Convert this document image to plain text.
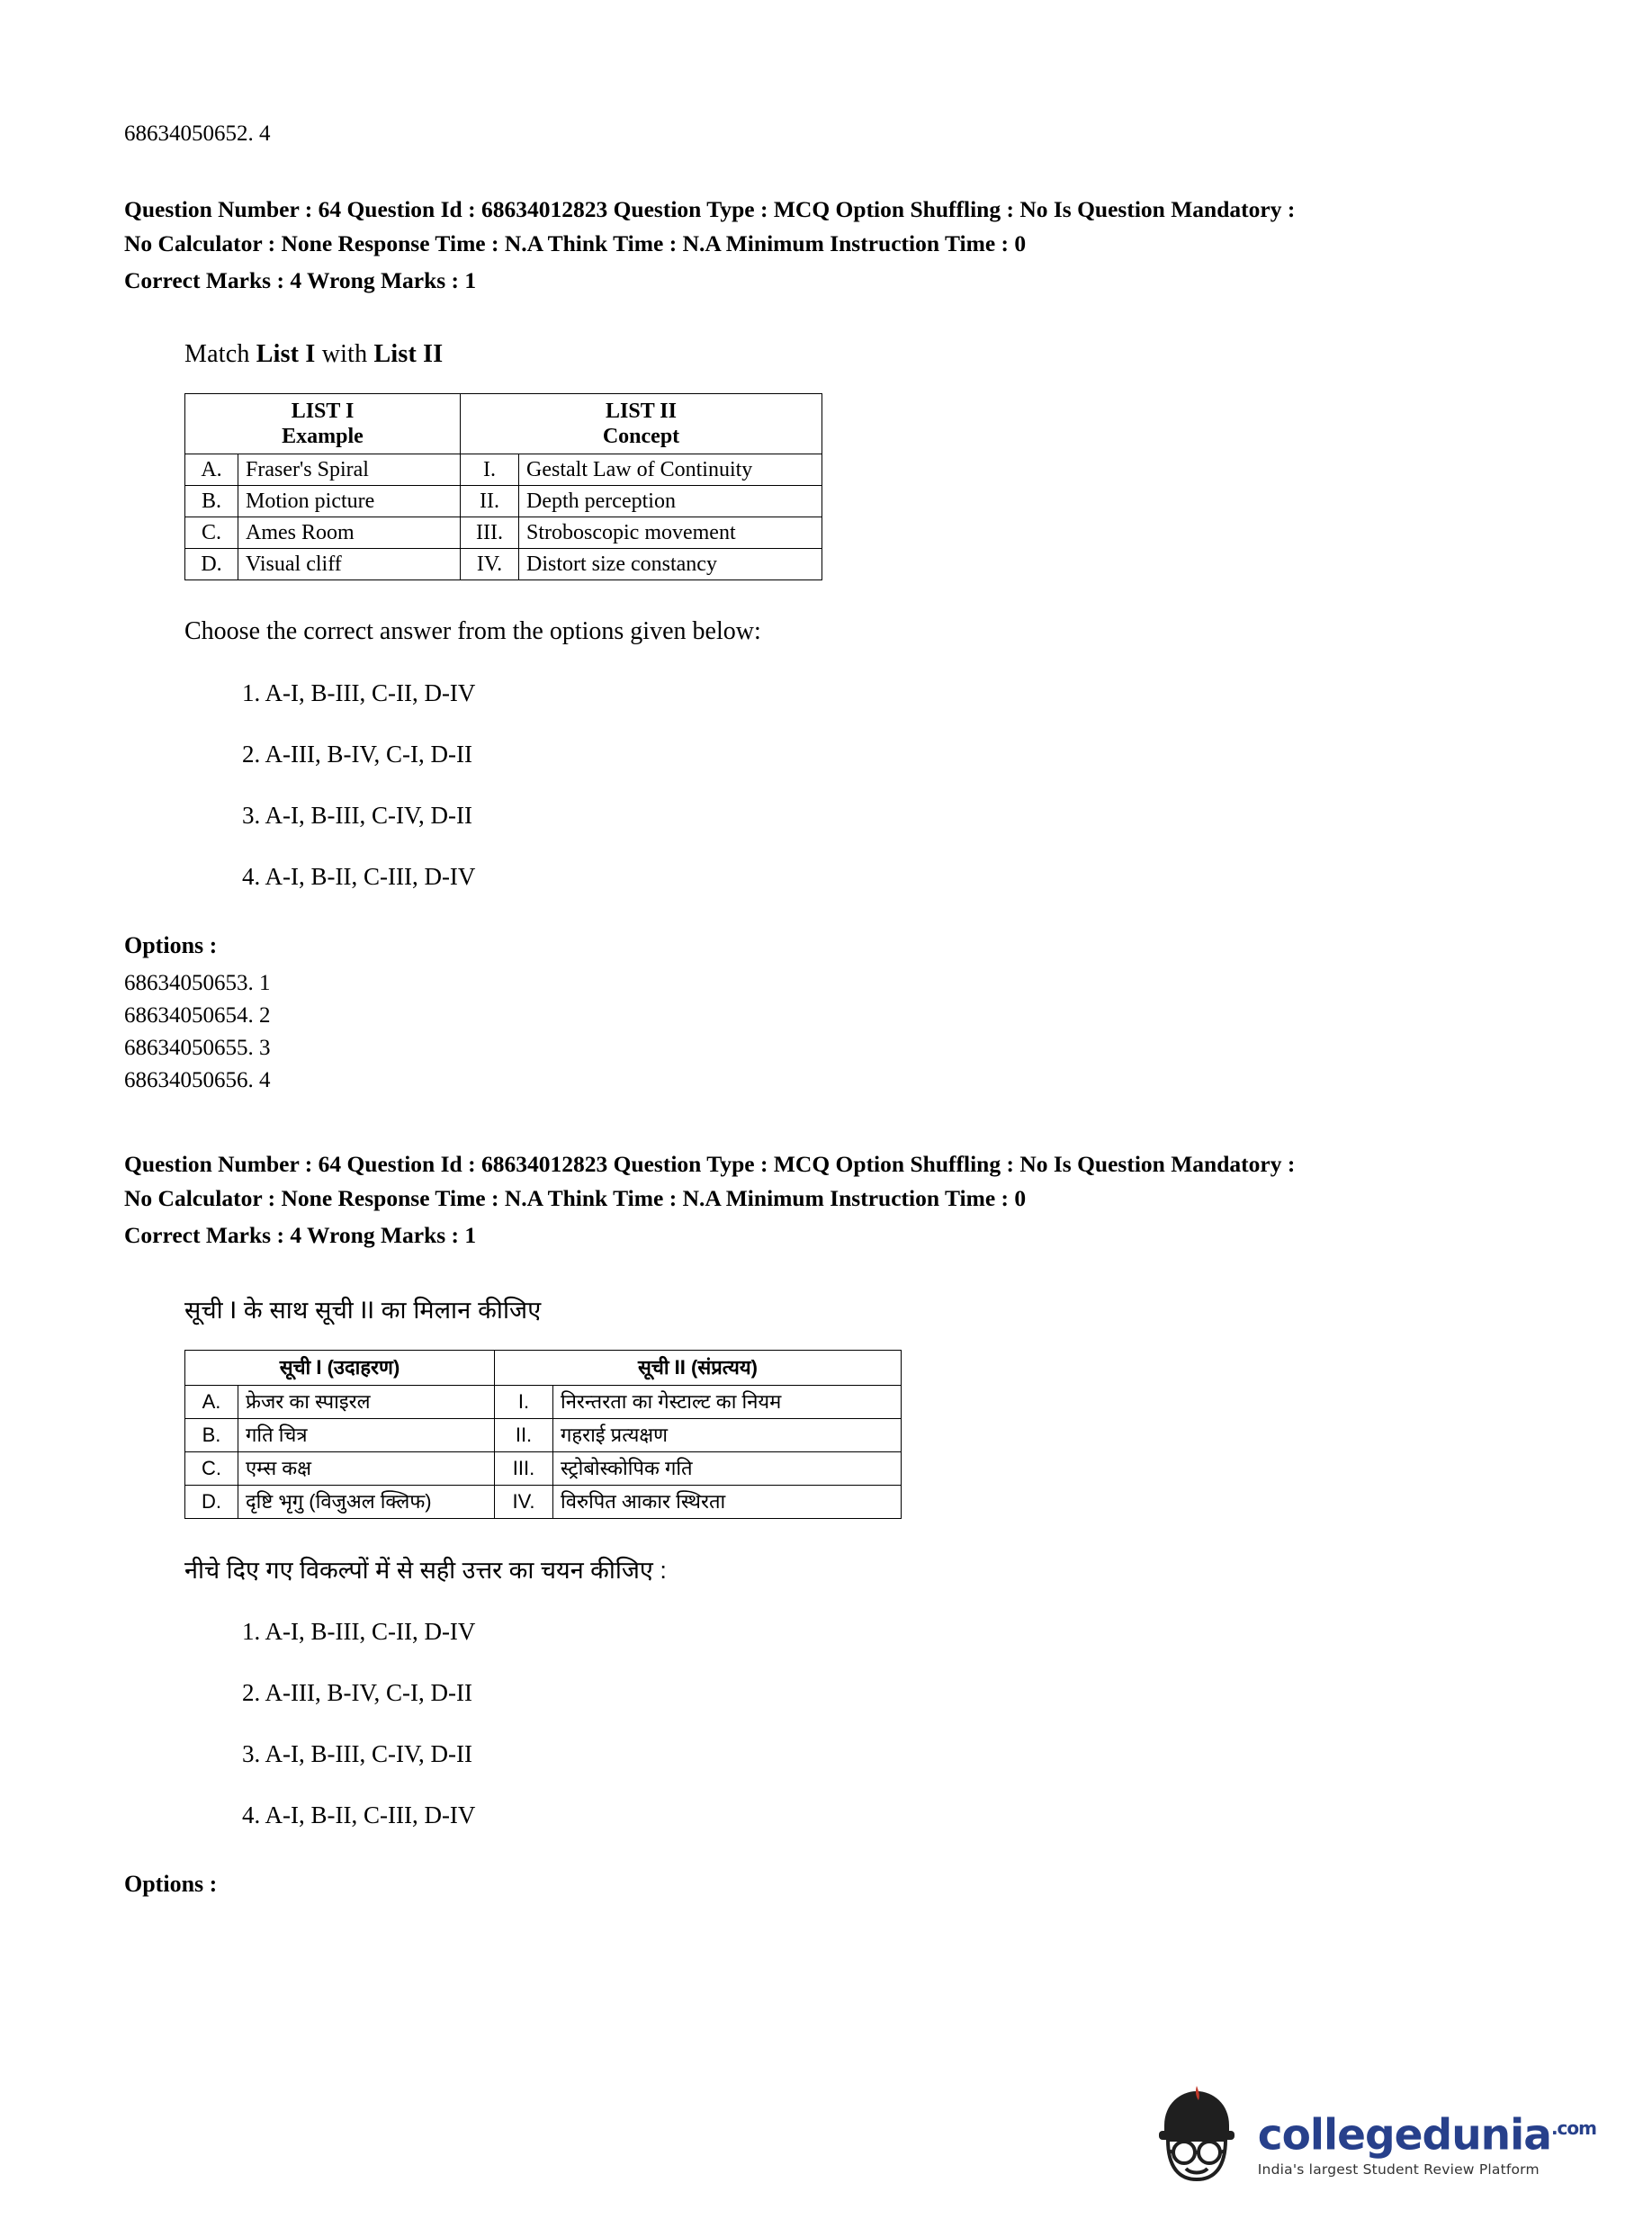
68634050652. 4
Question Number : 64 Question Id : 68634012823 Question Type : MCQ Option Shuffling : No Is Question Mandatory :
No Calculator : None Response Time : N.A Think Time : N.A Minimum Instruction Time : 0
Correct Marks : 4 Wrong Marks : 1
Match List I with List II
LIST I
Example

LIST II
Concept

A.	Fraser's Spiral	I.	Gestalt Law of Continuity
B.	Motion picture	II.	Depth perception
C.	Ames Room	III.	Stroboscopic movement
D.	Visual cliff	IV.	Distort size constancy
Choose the correct answer from the options given below:
1. A-I, B-III, C-II, D-IV
2. A-III, B-IV, C-I, D-II
3. A-I, B-III, C-IV, D-II
4. A-I, B-II, C-III, D-IV
Options :
68634050653. 1
68634050654. 2
68634050655. 3
68634050656. 4
Question Number : 64 Question Id : 68634012823 Question Type : MCQ Option Shuffling : No Is Question Mandatory :
No Calculator : None Response Time : N.A Think Time : N.A Minimum Instruction Time : 0
Correct Marks : 4 Wrong Marks : 1
सूची I के साथ सूची II का मिलान कीजिए
सूची I (उदाहरण)		सूची II (संप्रत्यय)	
A.	फ्रेजर का स्पाइरल	I.	निरन्तरता का गेस्टाल्ट का नियम
B.	गति चित्र	II.	गहराई प्रत्यक्षण
C.	एम्स कक्ष	III.	स्ट्रोबोस्कोपिक गति
D.	दृष्टि भृगु (विजुअल क्लिफ)	IV.	विरुपित आकार स्थिरता
नीचे दिए गए विकल्पों में से सही उत्तर का चयन कीजिए :
1. A-I, B-III, C-II, D-IV
2. A-III, B-IV, C-I, D-II
3. A-I, B-III, C-IV, D-II
4. A-I, B-II, C-III, D-IV
Options :
collegedunia$^{.com}$
India's largest Student Review Platform
